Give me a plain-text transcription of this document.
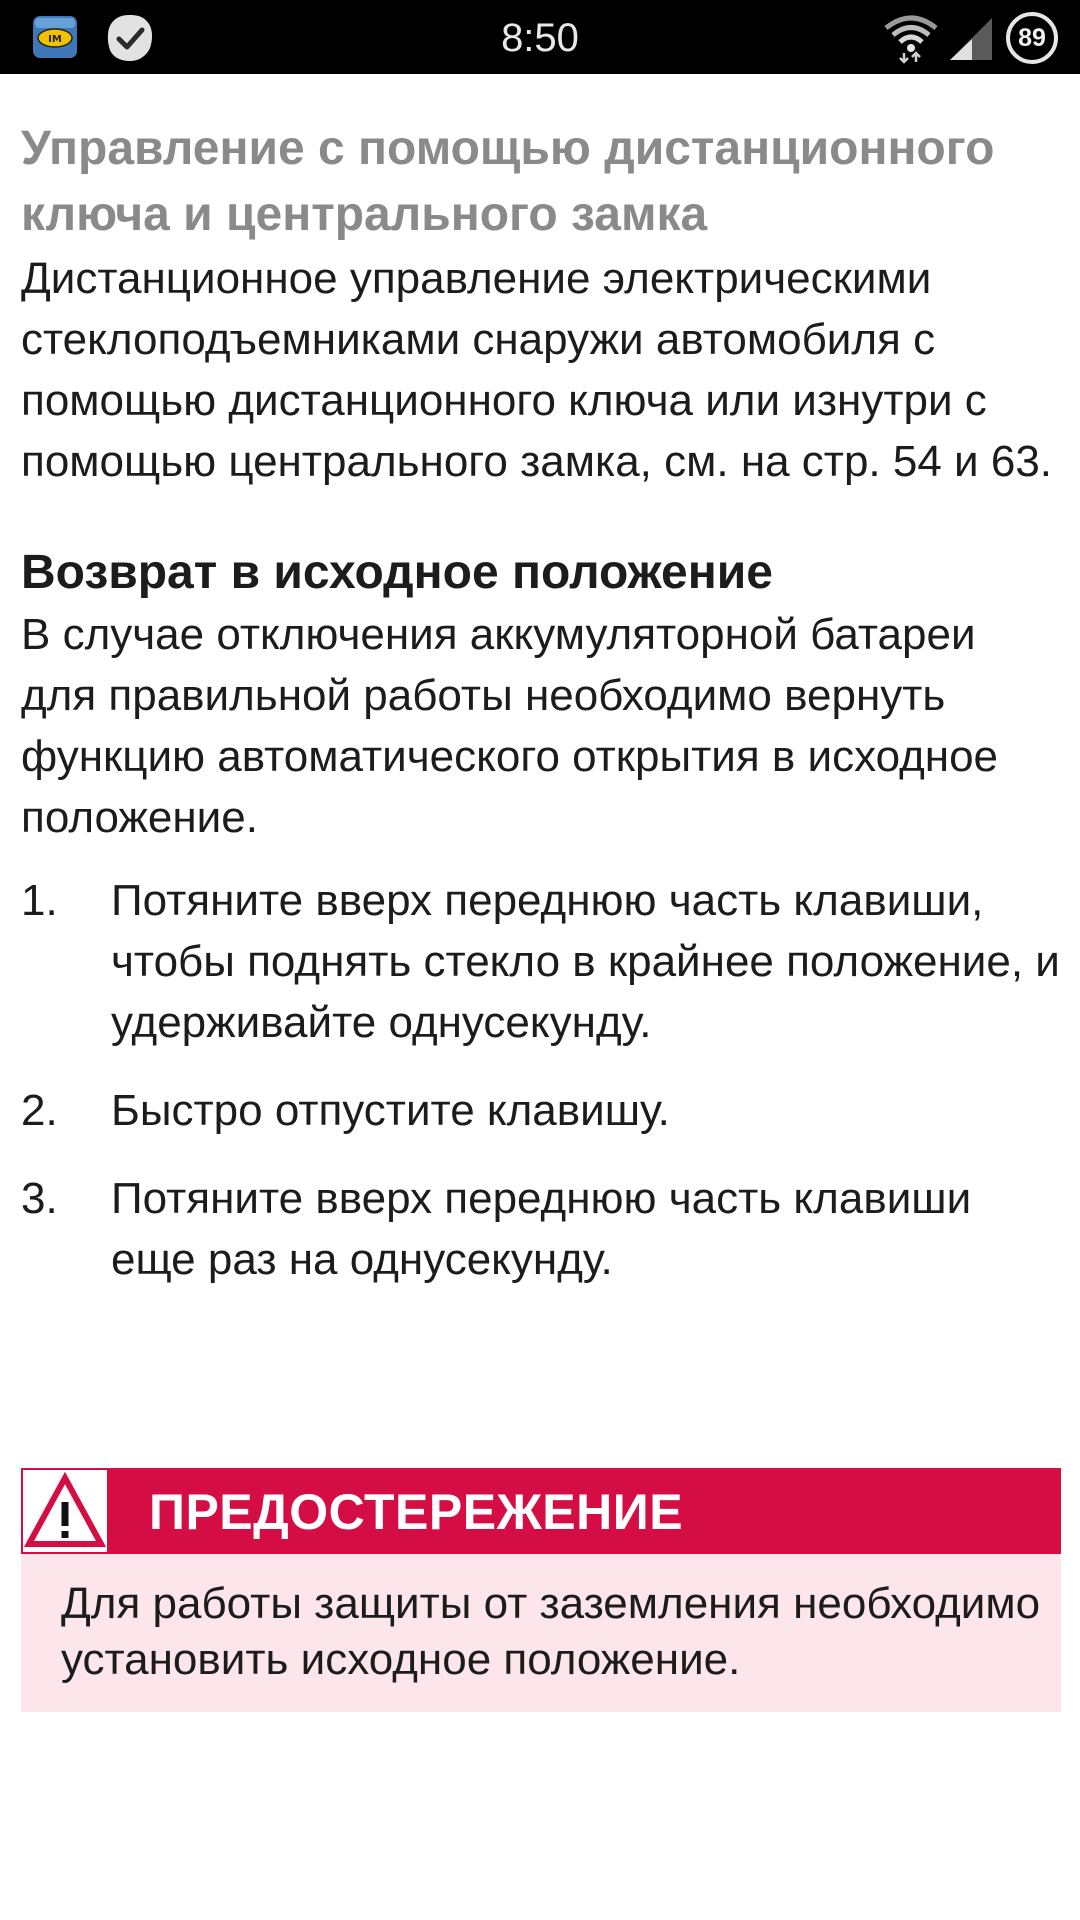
IM	8:50	89
Управление с помощью дистанционного ключа и центрального замка

Дистанционное управление электрическими стеклоподъемниками снаружи автомобиля с помощью дистанционного ключа или изнутри с помощью центрального замка, см. на стр. 54 и 63.

Возврат в исходное положение

В случае отключения аккумуляторной батареи для правильной работы необходимо вернуть функцию автоматического открытия в исходное положение.

1. Потяните вверх переднюю часть клавиши, чтобы поднять стекло в крайнее положение, и удерживайте однусекунду.
2. Быстро отпустите клавишу.
3. Потяните вверх переднюю часть клавиши еще раз на однусекунду.
ПРЕДОСТЕРЕЖЕНИЕ
Для работы защиты от заземления необходимо установить исходное положение.
